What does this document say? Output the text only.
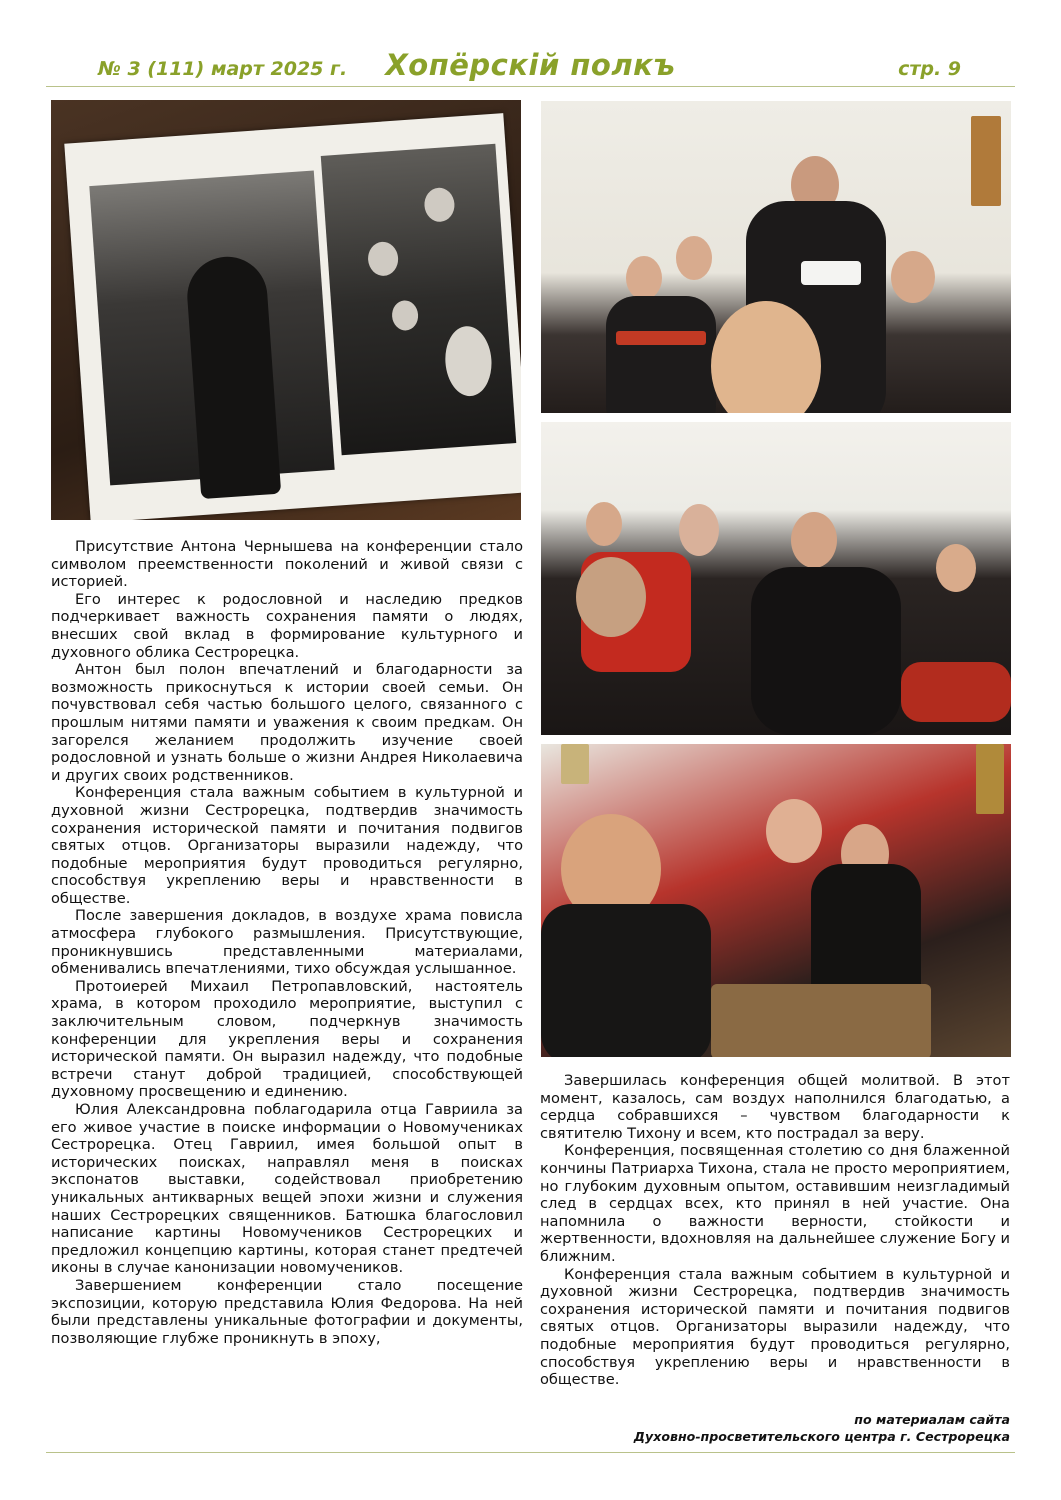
№ 3 (111) март 2025 г.	Хопёрскій полкъ	стр. 9

Присутствие Антона Чернышева на конференции стало символом преемственности поколений и живой связи с историей.

Его интерес к родословной и наследию предков подчеркивает важность сохранения памяти о людях, внесших свой вклад в формирование культурного и духовного облика Сестрорецка.

Антон был полон впечатлений и благодарности за возможность прикоснуться к истории своей семьи. Он почувствовал себя частью большого целого, связанного с прошлым нитями памяти и уважения к своим предкам. Он загорелся желанием продолжить изучение своей родословной и узнать больше о жизни Андрея Николаевича и других своих родственников.

Конференция стала важным событием в культурной и духовной жизни Сестрорецка, подтвердив значимость сохранения исторической памяти и почитания подвигов святых отцов. Организаторы выразили надежду, что подобные мероприятия будут проводиться регулярно, способствуя укреплению веры и нравственности в обществе.

После завершения докладов, в воздухе храма повисла атмосфера глубокого размышления. Присутствующие, проникнувшись представленными материалами, обменивались впечатлениями, тихо обсуждая услышанное.

Протоиерей Михаил Петропавловский, настоятель храма, в котором проходило мероприятие, выступил с заключительным словом, подчеркнув значимость конференции для укрепления веры и сохранения исторической памяти. Он выразил надежду, что подобные встречи станут доброй традицией, способствующей духовному просвещению и единению.

Юлия Александровна поблагодарила отца Гавриила за его живое участие в поиске информации о Новомучениках Сестрорецка. Отец Гавриил, имея большой опыт в исторических поисках, направлял меня в поисках экспонатов выставки, содействовал приобретению уникальных антикварных вещей эпохи жизни и служения наших Сестрорецких священников. Батюшка благословил написание картины Новомучеников Сестрорецких и предложил концепцию картины, которая станет предтечей иконы в случае канонизации новомучеников.

Завершением конференции стало посещение экспозиции, которую представила Юлия Федорова. На ней были представлены уникальные фотографии и документы, позволяющие глубже проникнуть в эпоху,

Завершилась конференция общей молитвой. В этот момент, казалось, сам воздух наполнился благодатью, а сердца собравшихся – чувством благодарности к святителю Тихону и всем, кто пострадал за веру.

Конференция, посвященная столетию со дня блаженной кончины Патриарха Тихона, стала не просто мероприятием, но глубоким духовным опытом, оставившим неизгладимый след в сердцах всех, кто принял в ней участие. Она напомнила о важности верности, стойкости и жертвенности, вдохновляя на дальнейшее служение Богу и ближним.

Конференция стала важным событием в культурной и духовной жизни Сестрорецка, подтвердив значимость сохранения исторической памяти и почитания подвигов святых отцов. Организаторы выразили надежду, что подобные мероприятия будут проводиться регулярно, способствуя укреплению веры и нравственности в обществе.

по материалам сайта
Духовно-просветительского центра г. Сестрорецка
